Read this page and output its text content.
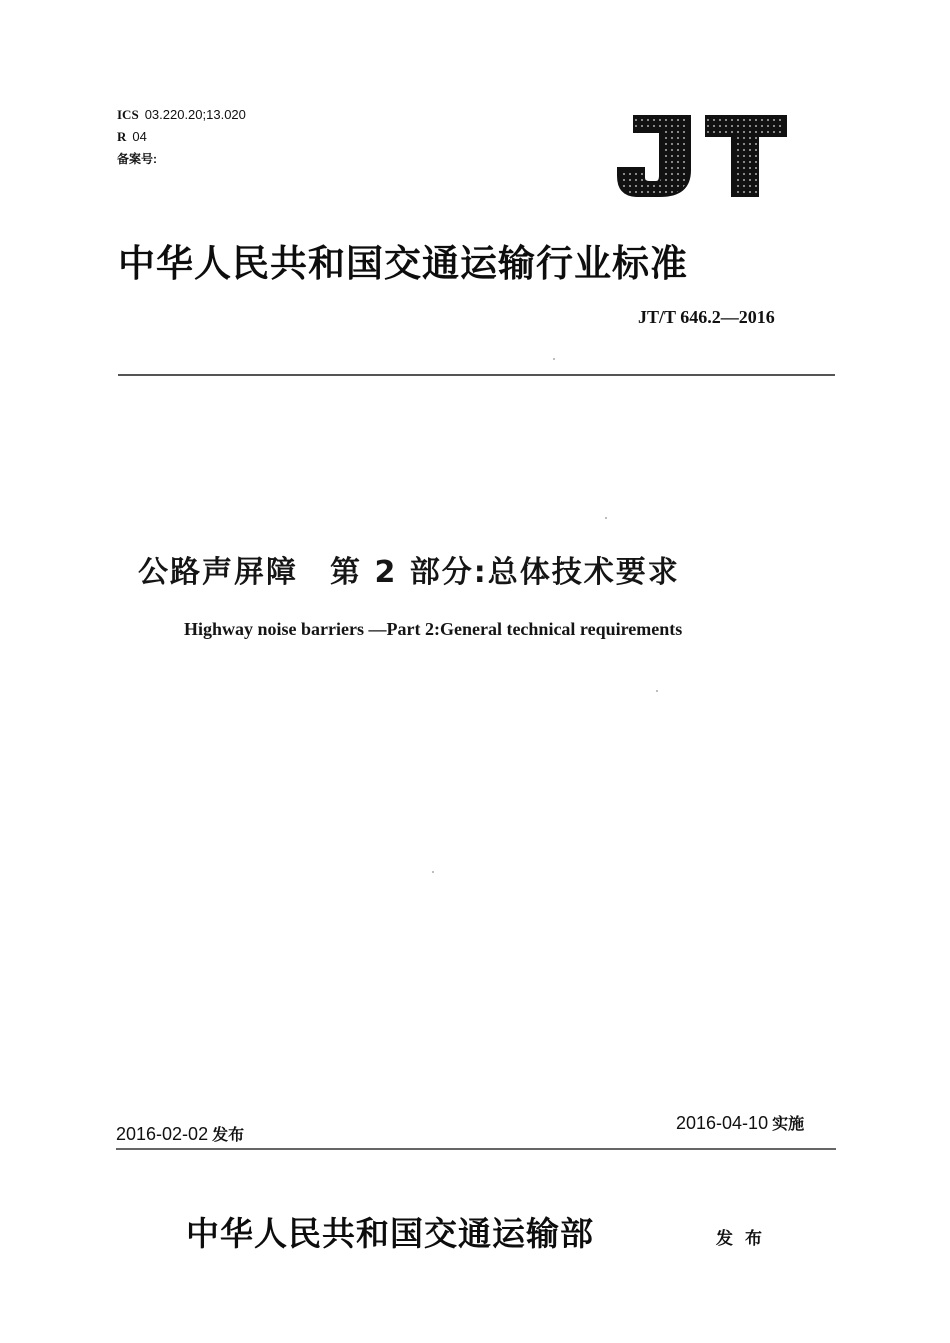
ICS 03.220.20;13.020
R 04
备案号:
JT
中华人民共和国交通运输行业标准
JT/T 646.2—2016
公路声屏障　第 2 部分:总体技术要求
Highway noise barriers —Part 2:General technical requirements
2016-02-02 发布
2016-04-10 实施
中华人民共和国交通运输部	发布
